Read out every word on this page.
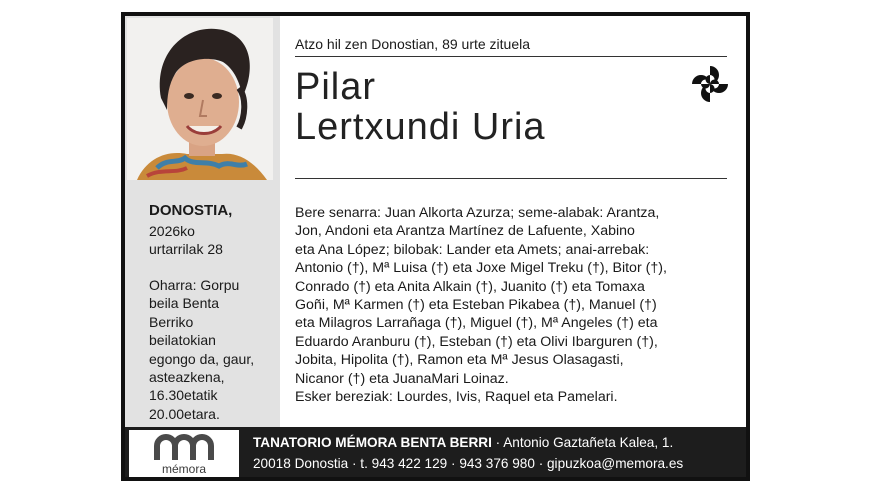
DONOSTIA,
2026ko
urtarrilak 28
Oharra: Gorpu
beila Benta
Berriko
beilatokian
egongo da, gaur,
asteazkena,
16.30etatik
20.00etara.
Atzo hil zen Donostian, 89 urte zituela
Pilar
Lertxundi Uria
Bere senarra: Juan Alkorta Azurza; seme-alabak: Arantza,
Jon, Andoni eta Arantza Martínez de Lafuente, Xabino
eta Ana López; bilobak: Lander eta Amets; anai-arrebak:
Antonio (†), Mª Luisa (†) eta Joxe Migel Treku (†), Bitor (†),
Conrado (†) eta Anita Alkain (†), Juanito (†) eta Tomaxa
Goñi, Mª Karmen (†) eta Esteban Pikabea (†), Manuel (†)
eta Milagros Larrañaga (†), Miguel (†), Mª Angeles (†) eta
Eduardo Aranburu (†), Esteban (†) eta Olivi Ibarguren (†),
Jobita, Hipolita (†), Ramon eta Mª Jesus Olasagasti,
Nicanor (†) eta JuanaMari Loinaz.
Esker bereziak: Lourdes, Ivis, Raquel eta Pamelari.
mémora
TANATORIO MÉMORA BENTA BERRI · Antonio Gaztañeta Kalea, 1.
20018 Donostia · t. 943 422 129 · 943 376 980 · gipuzkoa@memora.es
